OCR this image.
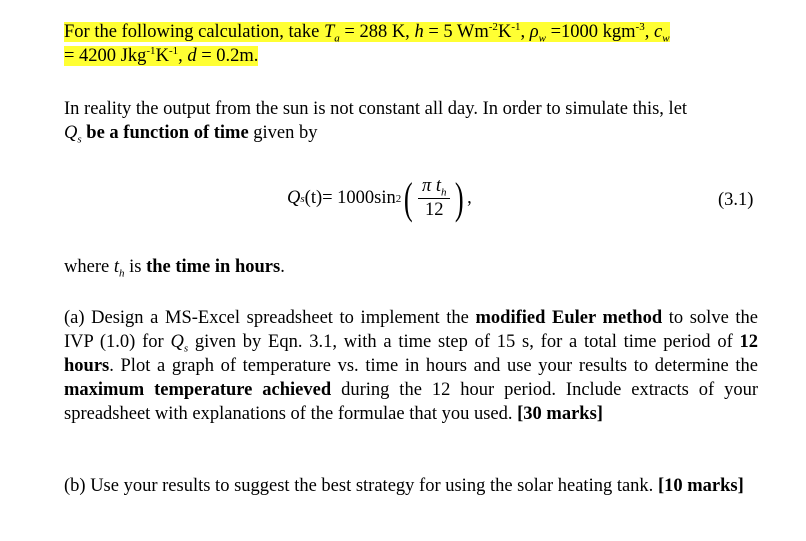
For the following calculation, take $T_a = 288$ K, h = 5 $Wm^{-2}K^{-1}$, $\rho_w =1000$ kgm$^{-3}$, $c_w$
= 4200 $Jkg^{-1}K^{-1}$, d = 0.2m.
In reality the output from the sun is not constant all day. In order to simulate this, let
$Q_s$ be a function of time given by
Q s (t) = 1000sin 2 ( $\frac{\pi t_h}{12}$ ) ,	(3.1)
where $t_h$ is the time in hours.
(a) Design a MS-Excel spreadsheet to implement the modified Euler method to solve the IVP (1.0) for $Q_s$ given by Eqn. 3.1, with a time step of 15 s, for a total time period of 12 hours. Plot a graph of temperature vs. time in hours and use your results to determine the maximum temperature achieved during the 12 hour period. Include extracts of your spreadsheet with explanations of the formulae that you used. [30 marks]
(b) Use your results to suggest the best strategy for using the solar heating tank. [10 marks]
